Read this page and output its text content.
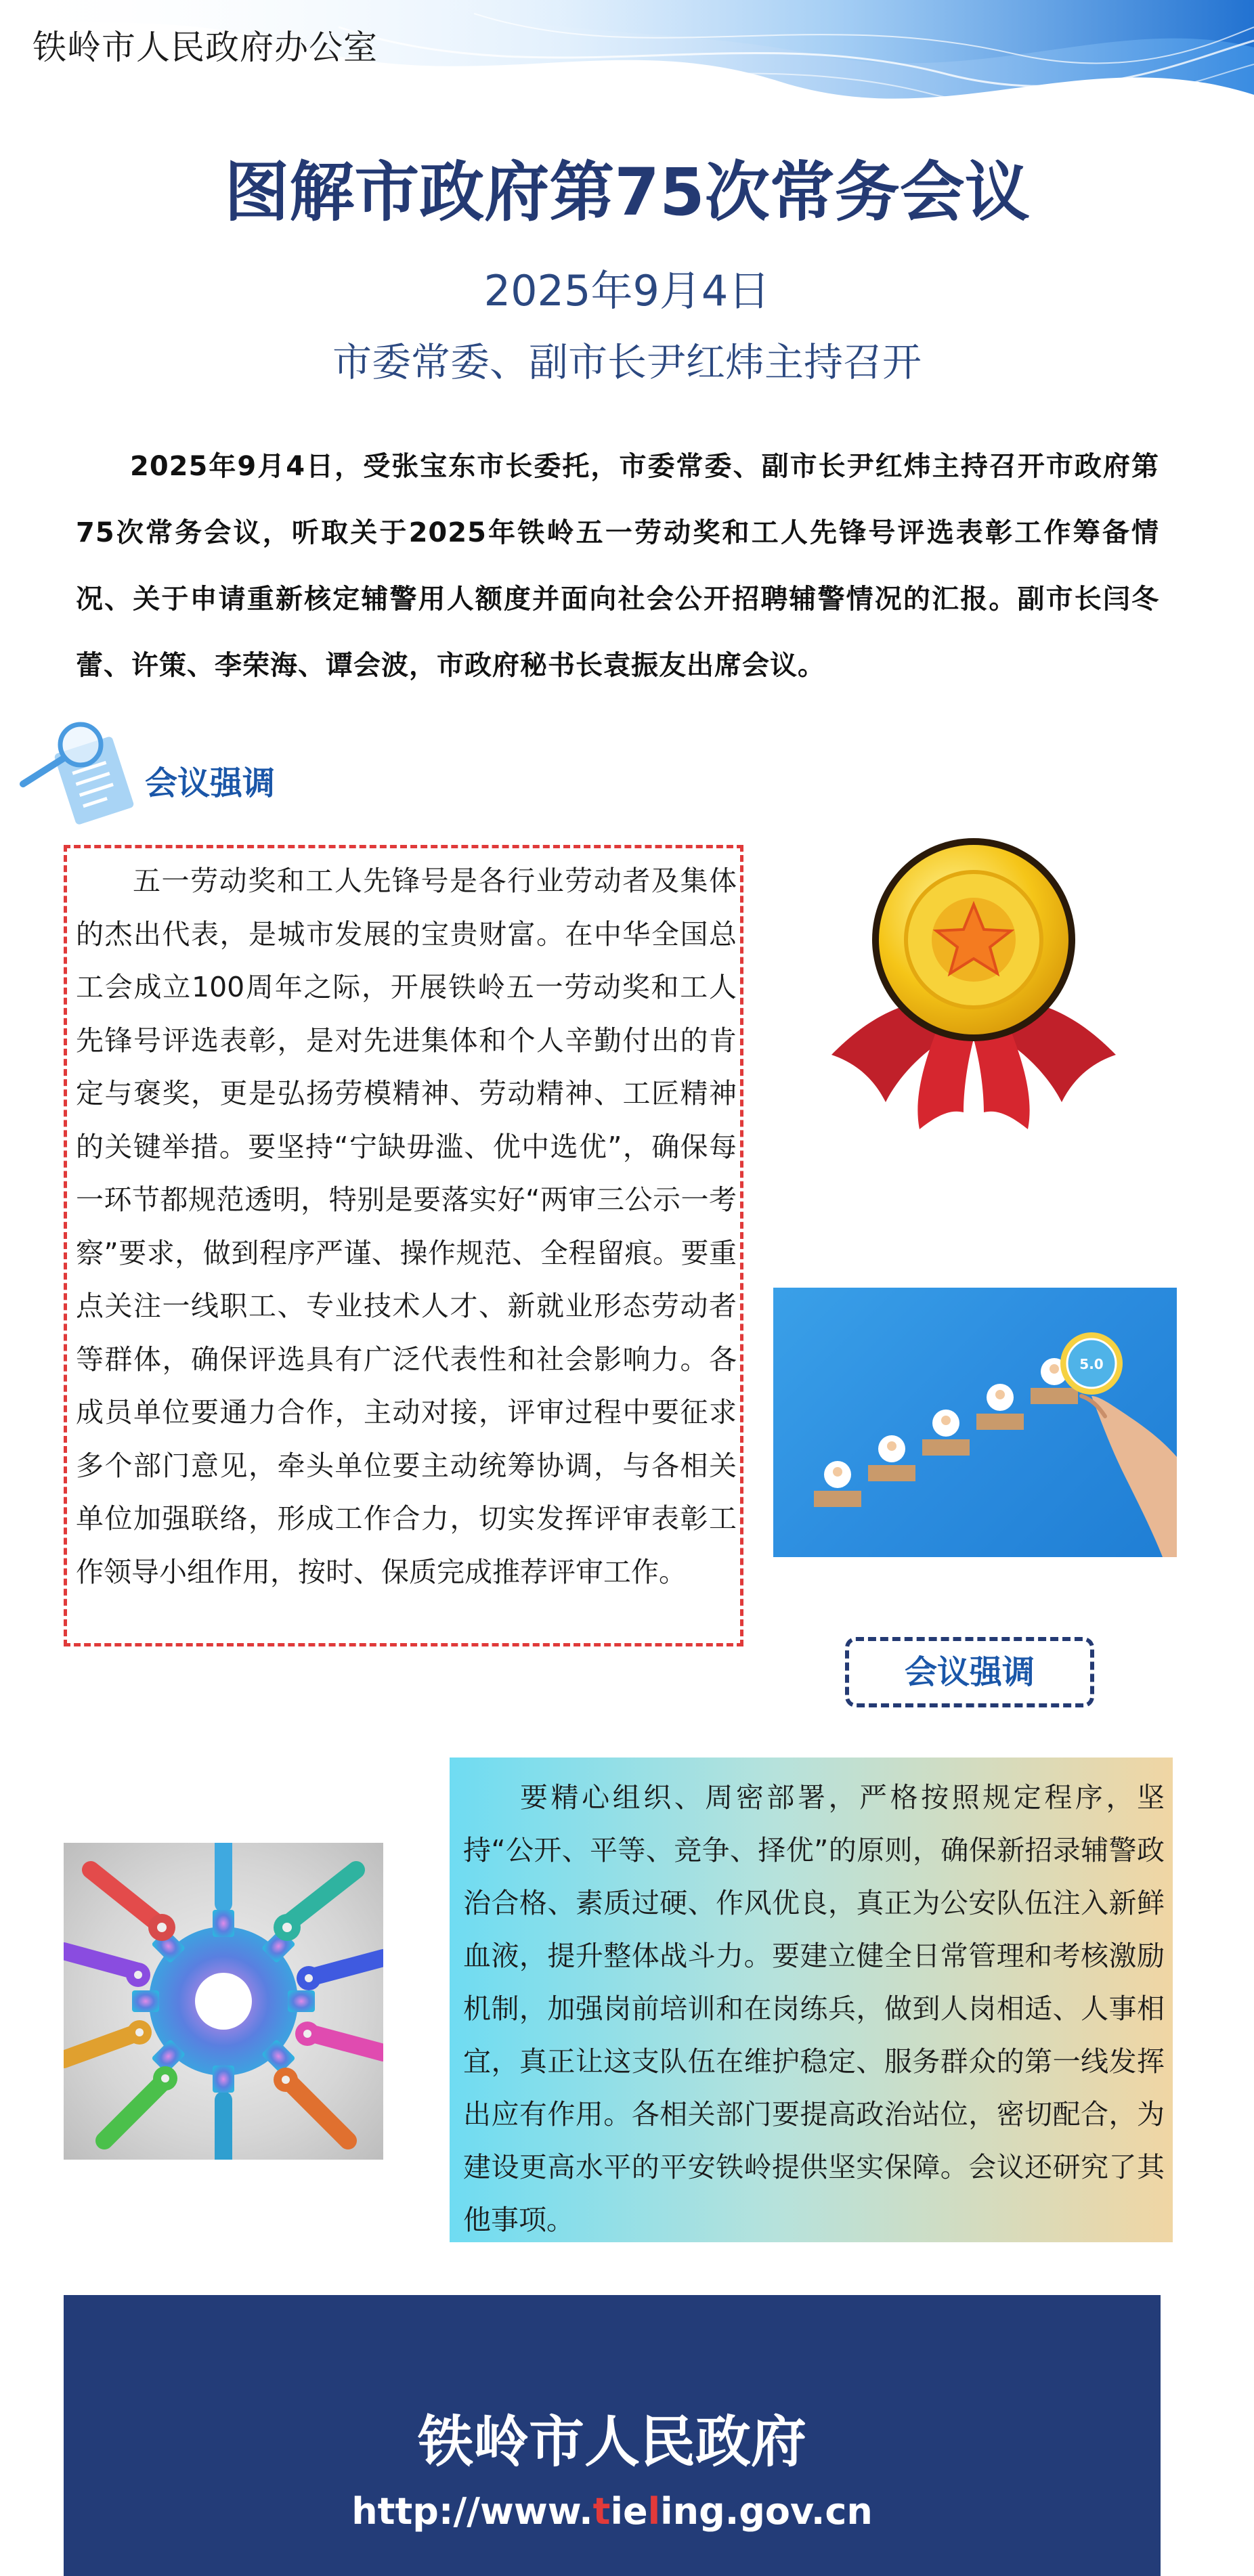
铁岭市人民政府办公室
图解市政府第75次常务会议
2025年9月4日
市委常委、副市长尹红炜主持召开
2025年9月4日，受张宝东市长委托，市委常委、副市长尹红炜主持召开市政府第75次常务会议，听取关于2025年铁岭五一劳动奖和工人先锋号评选表彰工作筹备情况、关于申请重新核定辅警用人额度并面向社会公开招聘辅警情况的汇报。副市长闫冬蕾、许策、李荣海、谭会波，市政府秘书长袁振友出席会议。
会议强调
五一劳动奖和工人先锋号是各行业劳动者及集体的杰出代表，是城市发展的宝贵财富。在中华全国总工会成立100周年之际，开展铁岭五一劳动奖和工人先锋号评选表彰，是对先进集体和个人辛勤付出的肯定与褒奖，更是弘扬劳模精神、劳动精神、工匠精神的关键举措。要坚持“宁缺毋滥、优中选优”，确保每一环节都规范透明，特别是要落实好“两审三公示一考察”要求，做到程序严谨、操作规范、全程留痕。要重点关注一线职工、专业技术人才、新就业形态劳动者等群体，确保评选具有广泛代表性和社会影响力。各成员单位要通力合作，主动对接，评审过程中要征求多个部门意见，牵头单位要主动统筹协调，与各相关单位加强联络，形成工作合力，切实发挥评审表彰工作领导小组作用，按时、保质完成推荐评审工作。
5.0
会议强调
要精心组织、周密部署，严格按照规定程序，坚持“公开、平等、竞争、择优”的原则，确保新招录辅警政治合格、素质过硬、作风优良，真正为公安队伍注入新鲜血液，提升整体战斗力。要建立健全日常管理和考核激励机制，加强岗前培训和在岗练兵，做到人岗相适、人事相宜，真正让这支队伍在维护稳定、服务群众的第一线发挥出应有作用。各相关部门要提高政治站位，密切配合，为建设更高水平的平安铁岭提供坚实保障。会议还研究了其他事项。
铁岭市人民政府
http://www.tieling.gov.cn
